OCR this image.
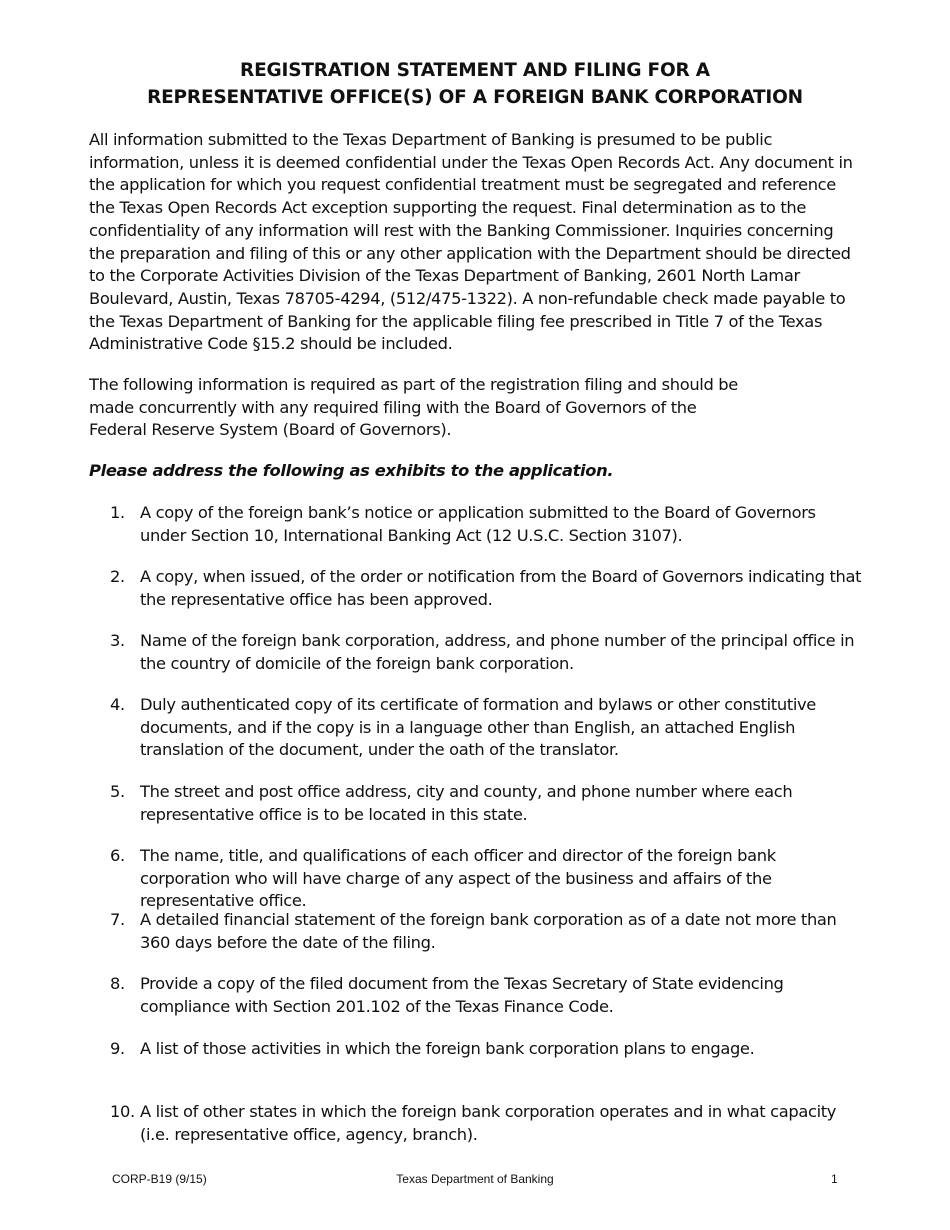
REGISTRATION STATEMENT AND FILING FOR A
REPRESENTATIVE OFFICE(S) OF A FOREIGN BANK CORPORATION

All information submitted to the Texas Department of Banking is presumed to be public information, unless it is deemed confidential under the Texas Open Records Act. Any document in the application for which you request confidential treatment must be segregated and reference the Texas Open Records Act exception supporting the request. Final determination as to the confidentiality of any information will rest with the Banking Commissioner. Inquiries concerning the preparation and filing of this or any other application with the Department should be directed to the Corporate Activities Division of the Texas Department of Banking, 2601 North Lamar Boulevard, Austin, Texas 78705-4294, (512/475-1322). A non-refundable check made payable to the Texas Department of Banking for the applicable filing fee prescribed in Title 7 of the Texas Administrative Code §15.2 should be included.

The following information is required as part of the registration filing and should be made concurrently with any required filing with the Board of Governors of the Federal Reserve System (Board of Governors).

Please address the following as exhibits to the application.
1. A copy of the foreign bank’s notice or application submitted to the Board of Governors under Section 10, International Banking Act (12 U.S.C. Section 3107).
2. A copy, when issued, of the order or notification from the Board of Governors indicating that the representative office has been approved.
3. Name of the foreign bank corporation, address, and phone number of the principal office in the country of domicile of the foreign bank corporation.
4. Duly authenticated copy of its certificate of formation and bylaws or other constitutive documents, and if the copy is in a language other than English, an attached English translation of the document, under the oath of the translator.
5. The street and post office address, city and county, and phone number where each representative office is to be located in this state.
6. The name, title, and qualifications of each officer and director of the foreign bank corporation who will have charge of any aspect of the business and affairs of the representative office.
7. A detailed financial statement of the foreign bank corporation as of a date not more than 360 days before the date of the filing.
8. Provide a copy of the filed document from the Texas Secretary of State evidencing compliance with Section 201.102 of the Texas Finance Code.
9. A list of those activities in which the foreign bank corporation plans to engage.
10. A list of other states in which the foreign bank corporation operates and in what capacity (i.e. representative office, agency, branch).
CORP-B19 (9/15)	Texas Department of Banking	1
